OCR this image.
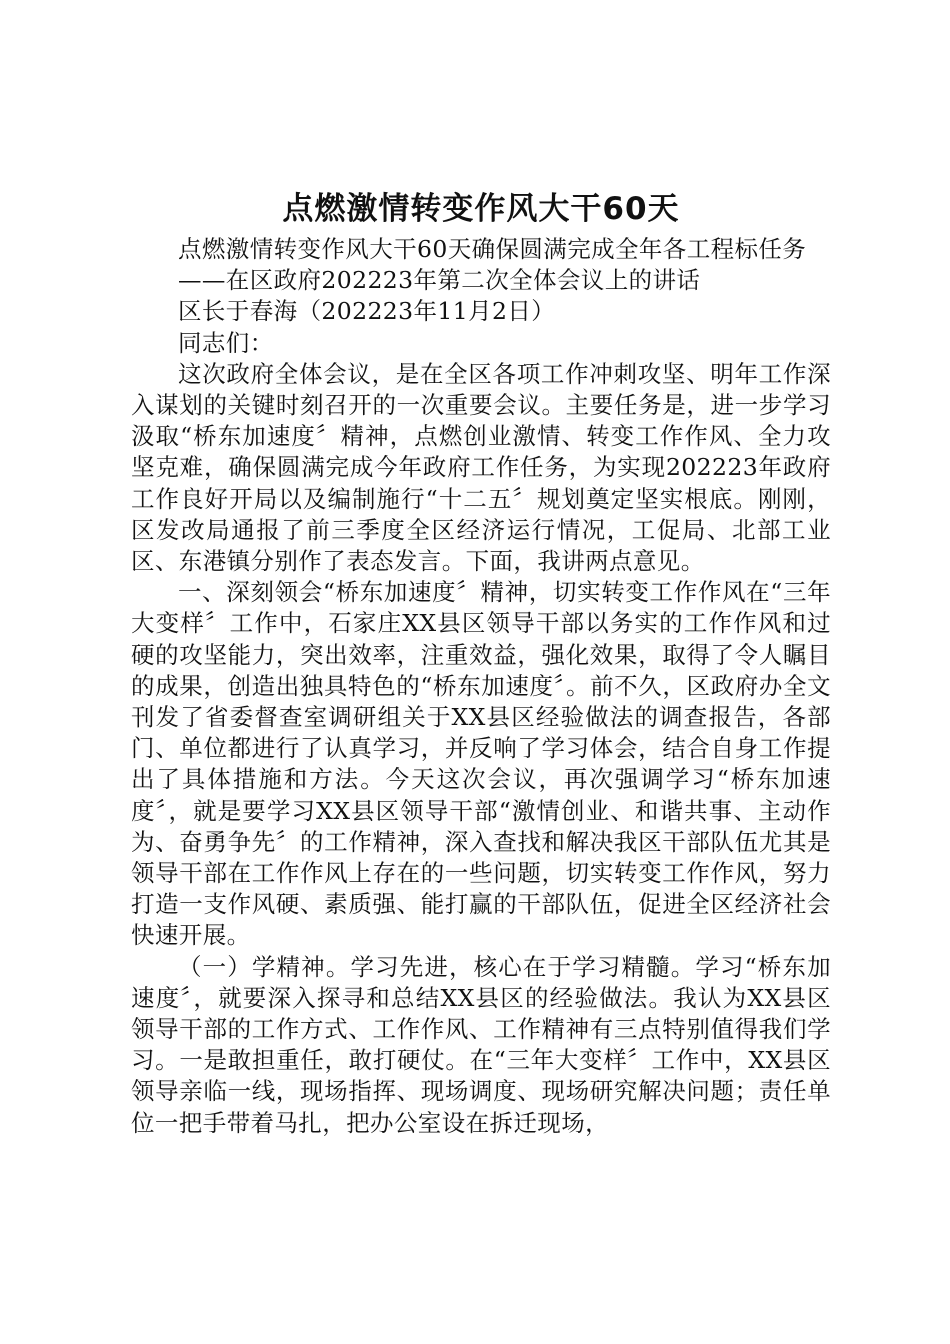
点燃激情转变作风大干60天

点燃激情转变作风大干60天确保圆满完成全年各工程标任务

——在区政府202223年第二次全体会议上的讲话

区长于春海（202223年11月2日）

同志们：

这次政府全体会议，是在全区各项工作冲刺攻坚、明年工作深入谋划的关键时刻召开的一次重要会议。主要任务是，进一步学习汲取“桥东加速度〞精神，点燃创业激情、转变工作作风、全力攻坚克难，确保圆满完成今年政府工作任务，为实现202223年政府工作良好开局以及编制施行“十二五〞规划奠定坚实根底。刚刚，区发改局通报了前三季度全区经济运行情况，工促局、北部工业区、东港镇分别作了表态发言。下面，我讲两点意见。

一、深刻领会“桥东加速度〞精神，切实转变工作作风在“三年大变样〞工作中，石家庄XX县区领导干部以务实的工作作风和过硬的攻坚能力，突出效率，注重效益，强化效果，取得了令人瞩目的成果，创造出独具特色的“桥东加速度〞。前不久，区政府办全文刊发了省委督查室调研组关于XX县区经验做法的调查报告，各部门、单位都进行了认真学习，并反响了学习体会，结合自身工作提出了具体措施和方法。今天这次会议，再次强调学习“桥东加速度〞，就是要学习XX县区领导干部“激情创业、和谐共事、主动作为、奋勇争先〞的工作精神，深入查找和解决我区干部队伍尤其是领导干部在工作作风上存在的一些问题，切实转变工作作风，努力打造一支作风硬、素质强、能打赢的干部队伍，促进全区经济社会快速开展。

（一）学精神。学习先进，核心在于学习精髓。学习“桥东加速度〞，就要深入探寻和总结XX县区的经验做法。我认为XX县区领导干部的工作方式、工作作风、工作精神有三点特别值得我们学习。一是敢担重任，敢打硬仗。在“三年大变样〞工作中，XX县区领导亲临一线，现场指挥、现场调度、现场研究解决问题；责任单位一把手带着马扎，把办公室设在拆迁现场，
